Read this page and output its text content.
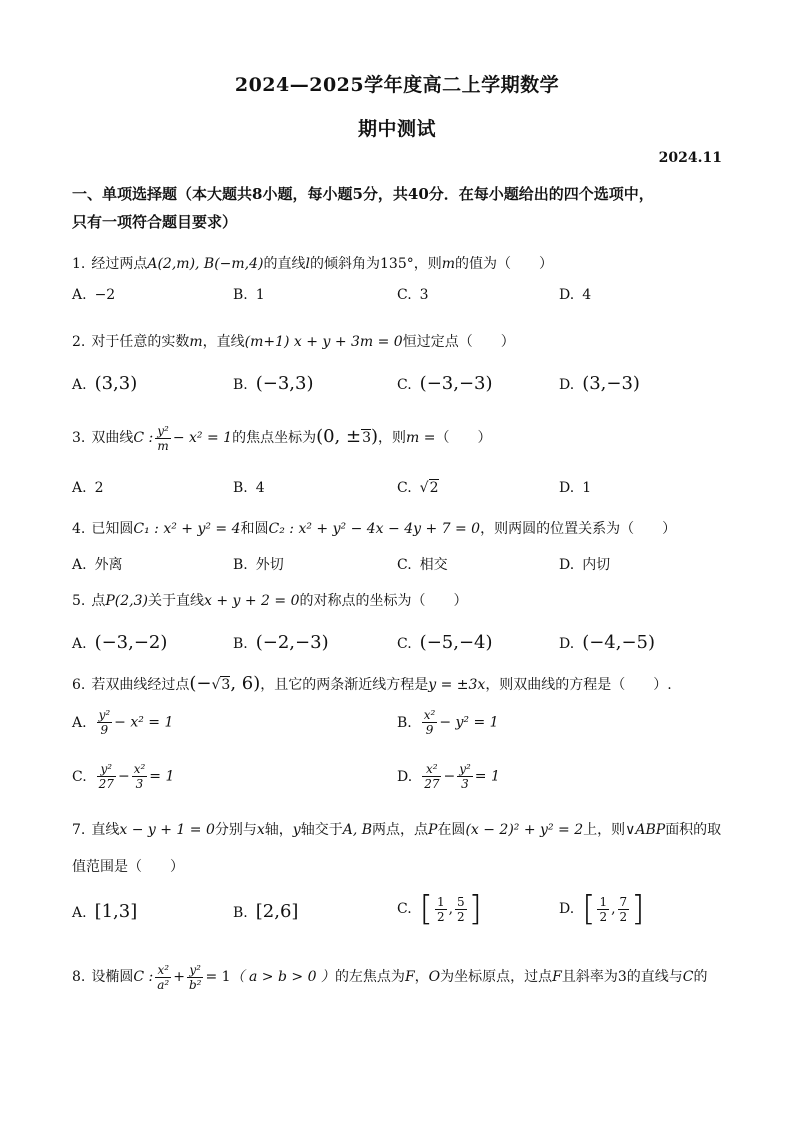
2024—2025学年度高二上学期数学
期中测试
2024.11
一、单项选择题（本大题共8小题，每小题5分，共40分．在每小题给出的四个选项中，
只有一项符合题目要求）
1. 经过两点A(2,m), B(−m,4)的直线l的倾斜角为135°，则m的值为（　　）
A. −2	B. 1	C. 3	D. 4
2. 对于任意的实数m，直线(m+1) x + y + 3m = 0恒过定点（　　）
A. (3,3)	B. (−3,3)	C. (−3,−3)	D. (3,−3)
3. 双曲线C : $\frac{\text{y²}}{m} - x^2 = 1$的焦点坐标为(0, ±3)，则m =（　　）
A. 2	B. 4	C. √2	D. 1
4. 已知圆C₁ : x² + y² = 4和圆C₂ : x² + y² − 4x − 4y + 7 = 0，则两圆的位置关系为（　　）
A. 外离	B. 外切	C. 相交	D. 内切
5. 点P(2,3)关于直线x + y + 2 = 0的对称点的坐标为（　　）
A. (−3,−2)	B. (−2,−3)	C. (−5,−4)	D. (−4,−5)
6. 若双曲线经过点(−√3, 6)，且它的两条渐近线方程是y = ±3x，则双曲线的方程是（　　）.
A. $\frac{\text{y²}}{9} - x^2 = 1$	B. $\frac{\text{x²}}{9} - y^2 = 1$
C. $\frac{\text{y²}}{27} - \frac{\text{x²}}{3} = 1$	D. $\frac{\text{x²}}{27} - \frac{\text{y²}}{3} = 1$
7. 直线x − y + 1 = 0分别与x轴，y轴交于A, B两点，点P在圆(x − 2)² + y² = 2上，则∨ABP面积的取
值范围是（　　）
A. [1,3]	B. [2,6]	C. [ $\frac{1}{2}$ , $\frac{5}{2}$ ]	D. [ $\frac{1}{2}$ , $\frac{7}{2}$ ]
8. 设椭圆C : $\frac{\text{x²}}{\text{a²}} + \frac{\text{y²}}{\text{b²}} = 1$（ a > b > 0 ）的左焦点为F，O为坐标原点，过点F且斜率为3的直线与C的
